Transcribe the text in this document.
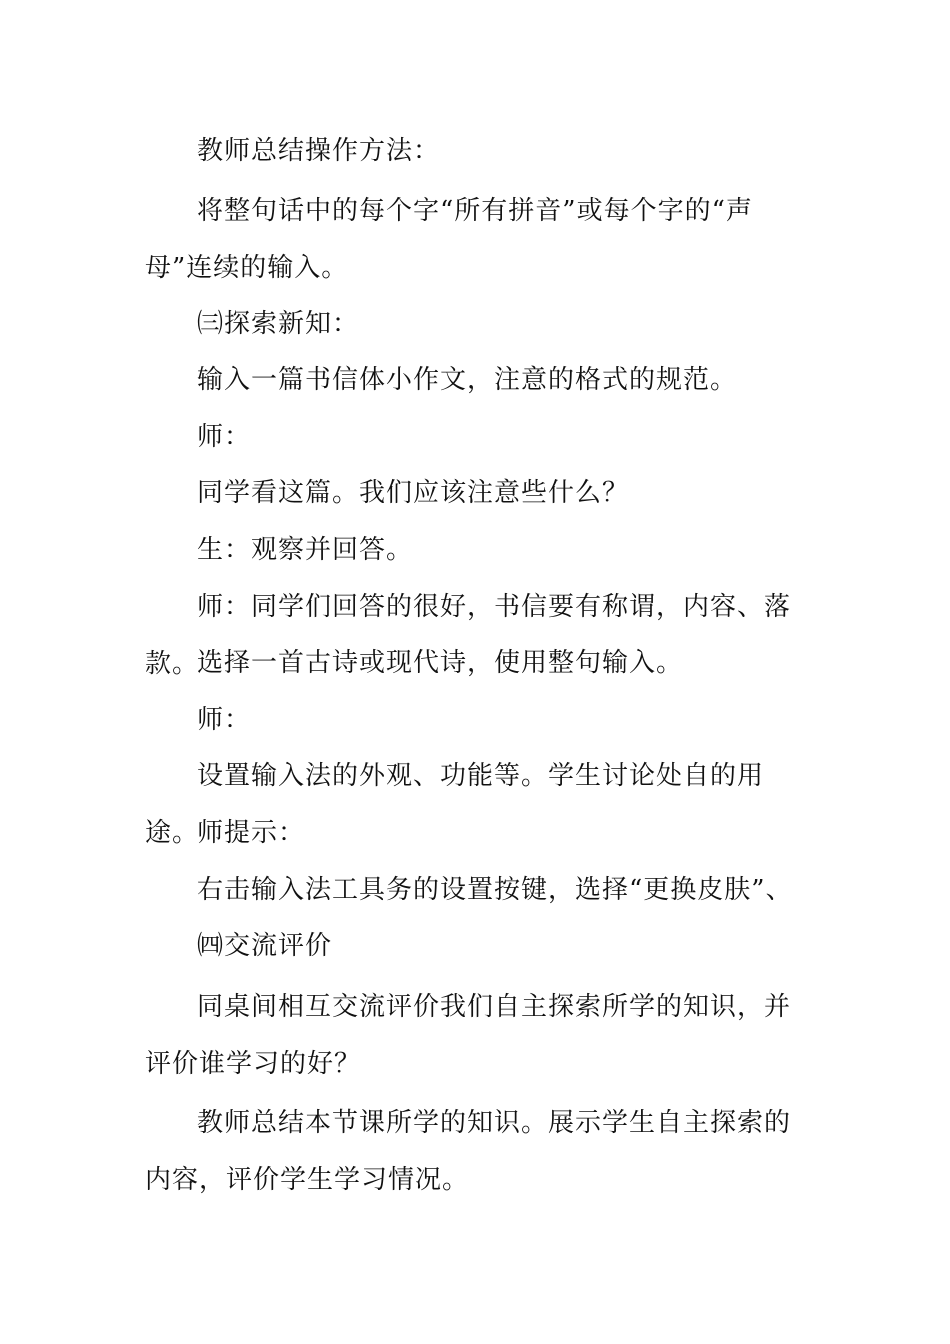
教师总结操作方法：

将整句话中的每个字“所有拼音”或每个字的“声母”连续的输入。

㈢探索新知：

输入一篇书信体小作文，注意的格式的规范。

师：

同学看这篇。我们应该注意些什么？

生：观察并回答。

师：同学们回答的很好，书信要有称谓，内容、落款。

选择一首古诗或现代诗，使用整句输入。

师：

设置输入法的外观、功能等。学生讨论处自的用途。

师提示：

右击输入法工具务的设置按键，选择“更换皮肤”、

㈣交流评价

同桌间相互交流评价我们自主探索所学的知识，并评价谁学习的好？

教师总结本节课所学的知识。展示学生自主探索的内容，评价学生学习情况。
